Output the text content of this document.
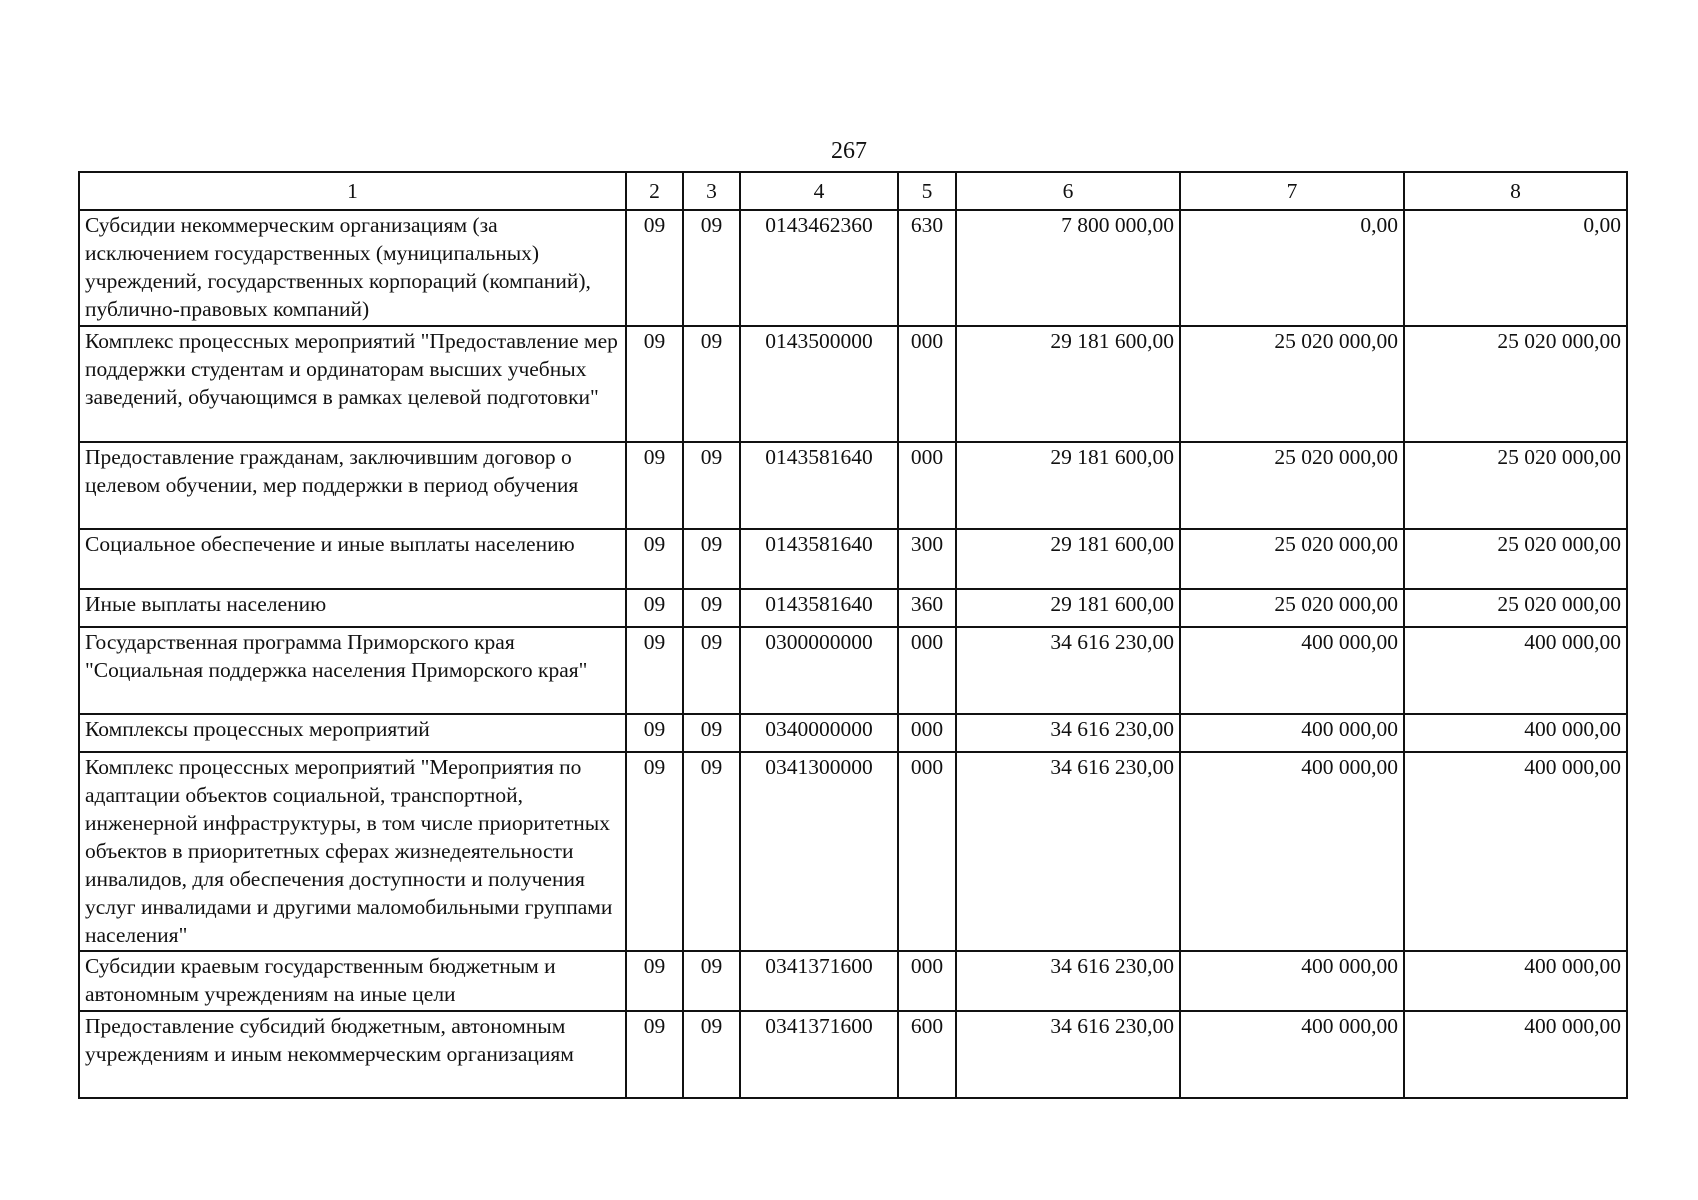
267
1	2	3	4	5	6	7	8
Субсидии некоммерческим организациям (за исключением государственных (муниципальных) учреждений, государственных корпораций (компаний), публично-правовых компаний)	09	09	0143462360	630	7 800 000,00	0,00	0,00
Комплекс процессных мероприятий "Предоставление мер поддержки студентам и ординаторам высших учебных заведений, обучающимся в рамках целевой подготовки"	09	09	0143500000	000	29 181 600,00	25 020 000,00	25 020 000,00
Предоставление гражданам, заключившим договор о целевом обучении, мер поддержки в период обучения	09	09	0143581640	000	29 181 600,00	25 020 000,00	25 020 000,00
Социальное обеспечение и иные выплаты населению	09	09	0143581640	300	29 181 600,00	25 020 000,00	25 020 000,00
Иные выплаты населению	09	09	0143581640	360	29 181 600,00	25 020 000,00	25 020 000,00
Государственная программа Приморского края "Социальная поддержка населения Приморского края"	09	09	0300000000	000	34 616 230,00	400 000,00	400 000,00
Комплексы процессных мероприятий	09	09	0340000000	000	34 616 230,00	400 000,00	400 000,00
Комплекс процессных мероприятий "Мероприятия по адаптации объектов социальной, транспортной, инженерной инфраструктуры, в том числе приоритетных объектов в приоритетных сферах жизнедеятельности инвалидов, для обеспечения доступности и получения услуг инвалидами и другими маломобильными группами населения"	09	09	0341300000	000	34 616 230,00	400 000,00	400 000,00
Субсидии краевым государственным бюджетным и автономным учреждениям на иные цели	09	09	0341371600	000	34 616 230,00	400 000,00	400 000,00
Предоставление субсидий бюджетным, автономным учреждениям и иным некоммерческим организациям	09	09	0341371600	600	34 616 230,00	400 000,00	400 000,00
